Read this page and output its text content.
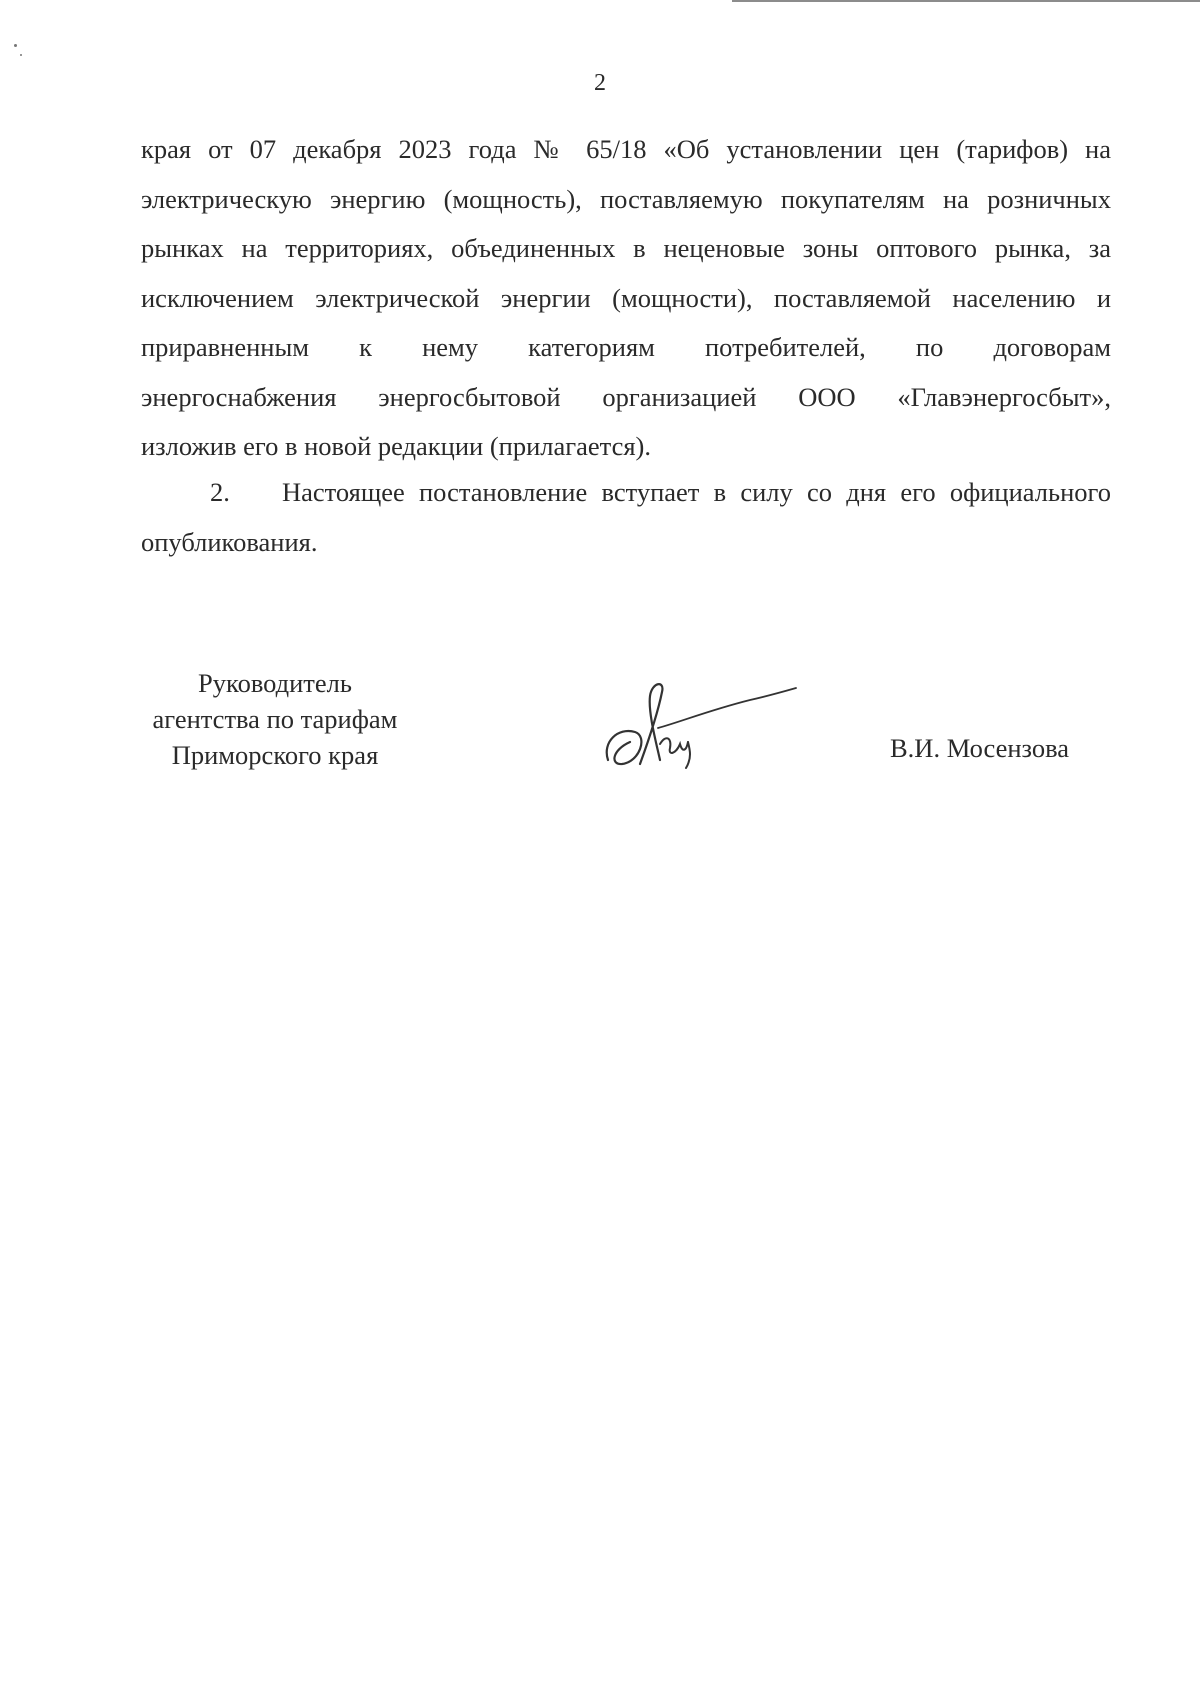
2
края от 07 декабря 2023 года № 65/18 «Об установлении цен (тарифов) на
электрическую энергию (мощность), поставляемую покупателям на розничных
рынках на территориях, объединенных в неценовые зоны оптового рынка, за
исключением электрической энергии (мощности), поставляемой населению и
приравненным к нему категориям потребителей, по договорам
энергоснабжения энергосбытовой организацией ООО «Главэнергосбыт»,
изложив его в новой редакции (прилагается).
2. Настоящее постановление вступает в силу со дня его официального
опубликования.
Руководитель
агентства по тарифам
Приморского края	В.И. Мосензова
